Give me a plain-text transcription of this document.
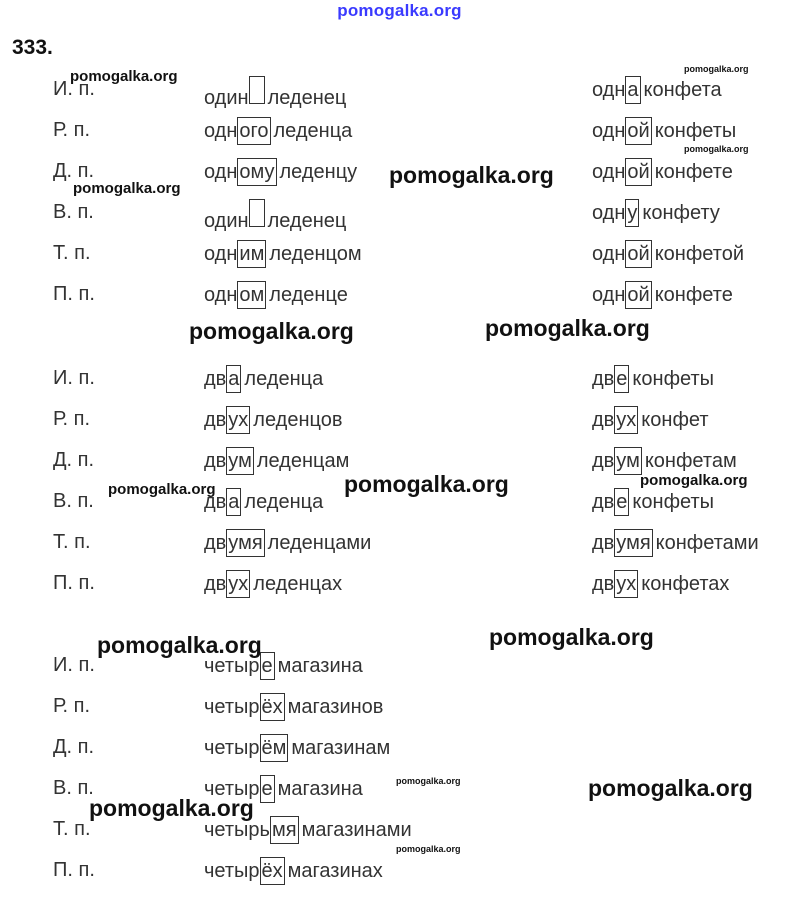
pomogalka.org
333.
И. п.	один леденец	одн а конфета
Р. п.	одн ого леденца	одн ой конфеты
Д. п.	одн ому леденцу	одн ой конфете
В. п.	один леденец	одн у конфету
Т. п.	одн им леденцом	одн ой конфетой
П. п.	одн ом леденце	одн ой конфете
И. п.	дв а леденца	дв е конфеты
Р. п.	дв ух леденцов	дв ух конфет
Д. п.	дв ум леденцам	дв ум конфетам
В. п.	дв а леденца	дв е конфеты
Т. п.	дв умя леденцами	дв умя конфетами
П. п.	дв ух леденцах	дв ух конфетах
И. п.	четыр е магазина
Р. п.	четыр ёх магазинов
Д. п.	четыр ём магазинам
В. п.	четыр е магазина
Т. п.	четырь мя магазинами
П. п.	четыр ёх магазинах
pomogalka.org	pomogalka.org
pomogalka.org
pomogalka.org
pomogalka.org
pomogalka.org	pomogalka.org
pomogalka.org	pomogalka.org	pomogalka.org
pomogalka.org	pomogalka.org
pomogalka.org	pomogalka.org
pomogalka.org
pomogalka.org
